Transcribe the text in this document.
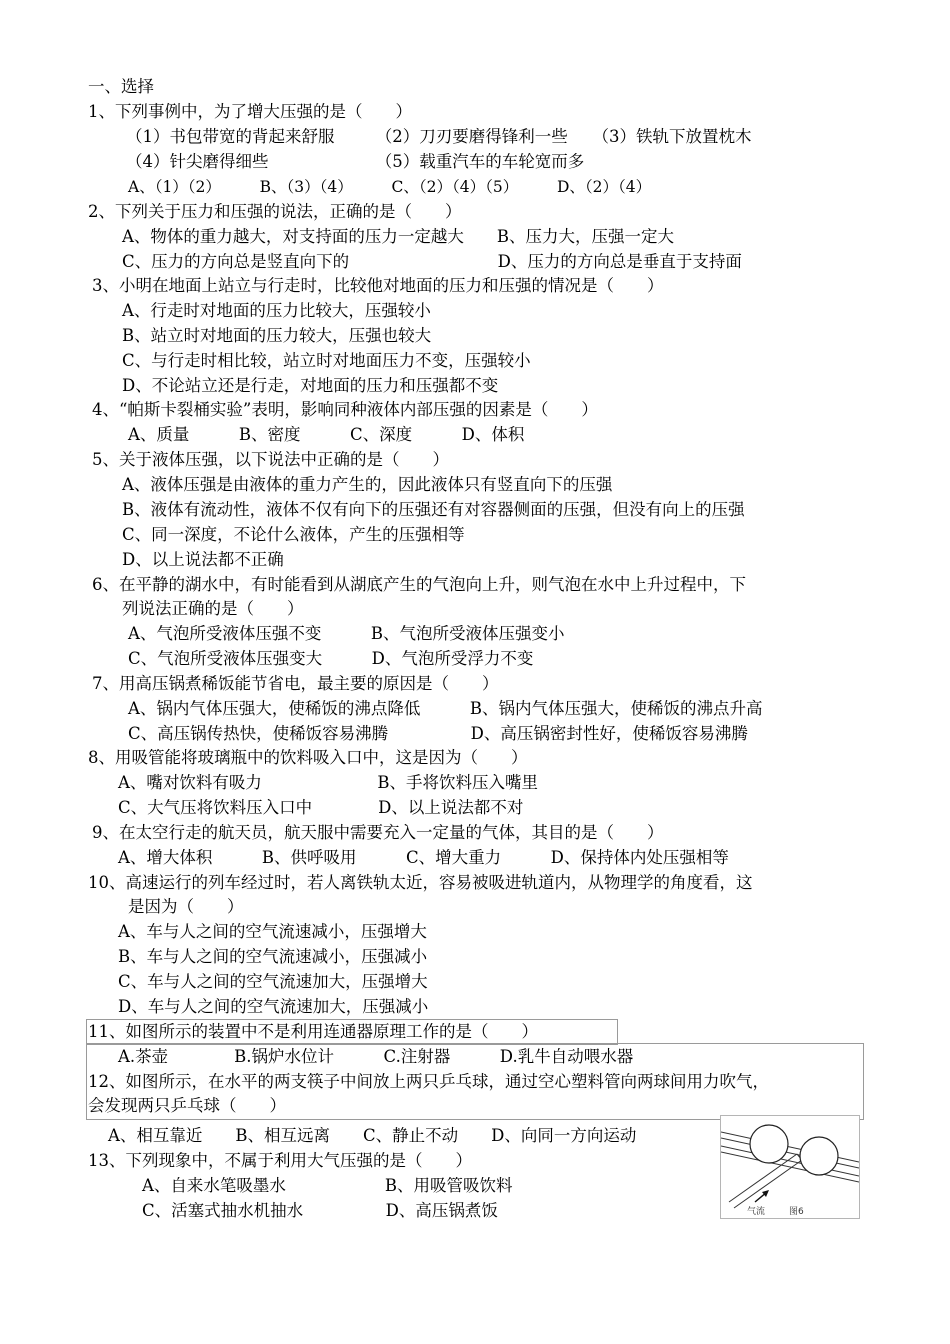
一、选择
1、下列事例中，为了增大压强的是（　　）
（1）书包带宽的背起来舒服　　　（2）刀刃要磨得锋利一些　　（3）铁轨下放置枕木
（4）针尖磨得细些　　　　　　　（5）载重汽车的车轮宽而多
A、（1）（2）　　　B、（3）（4）　　　C、（2）（4）（5）　　　D、（2）（4）
2、下列关于压力和压强的说法，正确的是（　　）
A、物体的重力越大，对支持面的压力一定越大　　B、压力大，压强一定大
C、压力的方向总是竖直向下的　　　　　　　　　D、压力的方向总是垂直于支持面
3、小明在地面上站立与行走时，比较他对地面的压力和压强的情况是（　　）
A、行走时对地面的压力比较大，压强较小
B、站立时对地面的压力较大，压强也较大
C、与行走时相比较，站立时对地面压力不变，压强较小
D、不论站立还是行走，对地面的压力和压强都不变
4、“帕斯卡裂桶实验”表明，影响同种液体内部压强的因素是（　　）
A、质量　　　B、密度　　　C、深度　　　D、体积
5、关于液体压强，以下说法中正确的是（　　）
A、液体压强是由液体的重力产生的，因此液体只有竖直向下的压强
B、液体有流动性，液体不仅有向下的压强还有对容器侧面的压强，但没有向上的压强
C、同一深度，不论什么液体，产生的压强相等
D、以上说法都不正确
6、在平静的湖水中，有时能看到从湖底产生的气泡向上升，则气泡在水中上升过程中，下
列说法正确的是（　　）
A、气泡所受液体压强不变　　　B、气泡所受液体压强变小
C、气泡所受液体压强变大　　　D、气泡所受浮力不变
7、用高压锅煮稀饭能节省电，最主要的原因是（　　）
A、锅内气体压强大，使稀饭的沸点降低　　　B、锅内气体压强大，使稀饭的沸点升高
C、高压锅传热快，使稀饭容易沸腾　　　　　D、高压锅密封性好，使稀饭容易沸腾
8、用吸管能将玻璃瓶中的饮料吸入口中，这是因为（　　）
A、嘴对饮料有吸力　　　　　　　B、手将饮料压入嘴里
C、大气压将饮料压入口中　　　　D、以上说法都不对
9、在太空行走的航天员，航天服中需要充入一定量的气体，其目的是（　　）
A、增大体积　　　B、供呼吸用　　　C、增大重力　　　D、保持体内处压强相等
10、高速运行的列车经过时，若人离铁轨太近，容易被吸进轨道内，从物理学的角度看，这
是因为（　　）
A、车与人之间的空气流速减小，压强增大
B、车与人之间的空气流速减小，压强减小
C、车与人之间的空气流速加大，压强增大
D、车与人之间的空气流速加大，压强减小
11、如图所示的装置中不是利用连通器原理工作的是（　　）
A.茶壶　　　　B.锅炉水位计　　　C.注射器　　　D.乳牛自动喂水器
12、如图所示，在水平的两支筷子中间放上两只乒乓球，通过空心塑料管向两球间用力吹气，
会发现两只乒乓球（　　）
A、相互靠近　　B、相互远离　　C、静止不动　　D、向同一方向运动
13、下列现象中，不属于利用大气压强的是（　　）
A、自来水笔吸墨水　　　　　　B、用吸管吸饮料
C、活塞式抽水机抽水　　　　　D、高压锅煮饭	气流	图6
